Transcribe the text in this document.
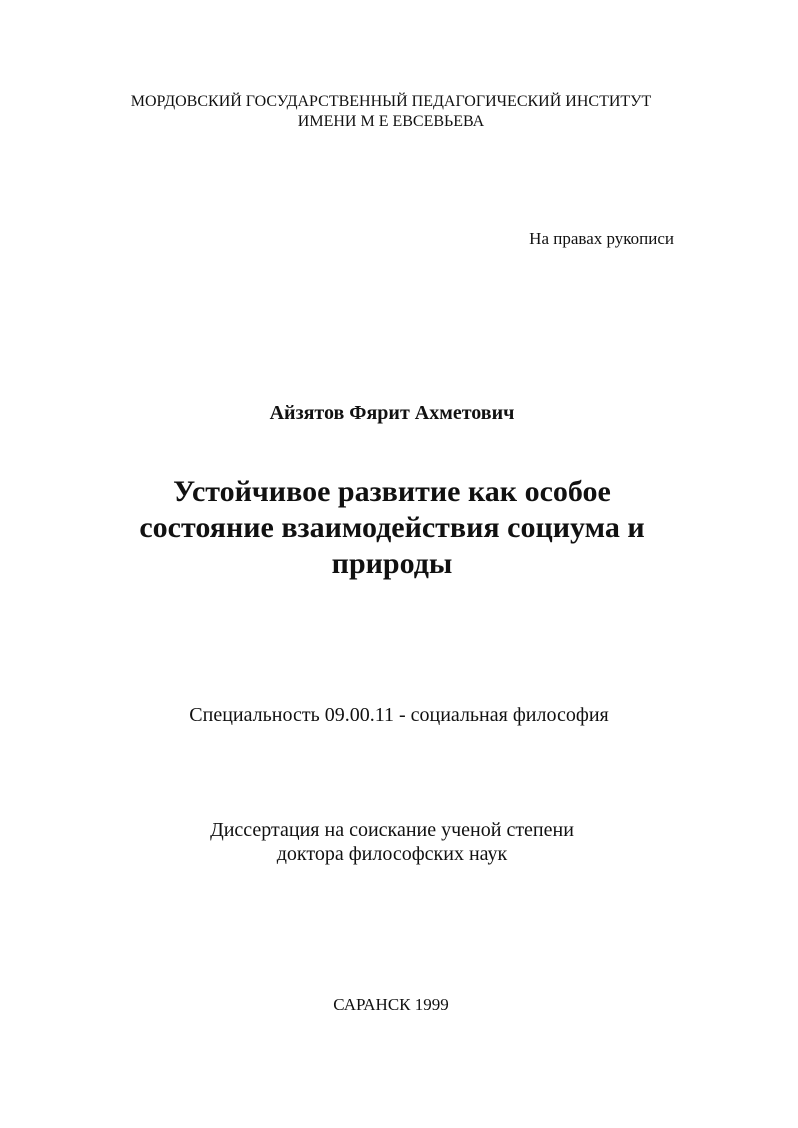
МОРДОВСКИЙ ГОСУДАРСТВЕННЫЙ ПЕДАГОГИЧЕСКИЙ ИНСТИТУТ
ИМЕНИ М Е ЕВСЕВЬЕВА
На правах рукописи
Айзятов Фярит Ахметович
Устойчивое развитие как особое
состояние взаимодействия социума и
природы
Специальность 09.00.11 - социальная философия
Диссертация на соискание ученой степени
доктора философских наук
САРАНСК 1999
